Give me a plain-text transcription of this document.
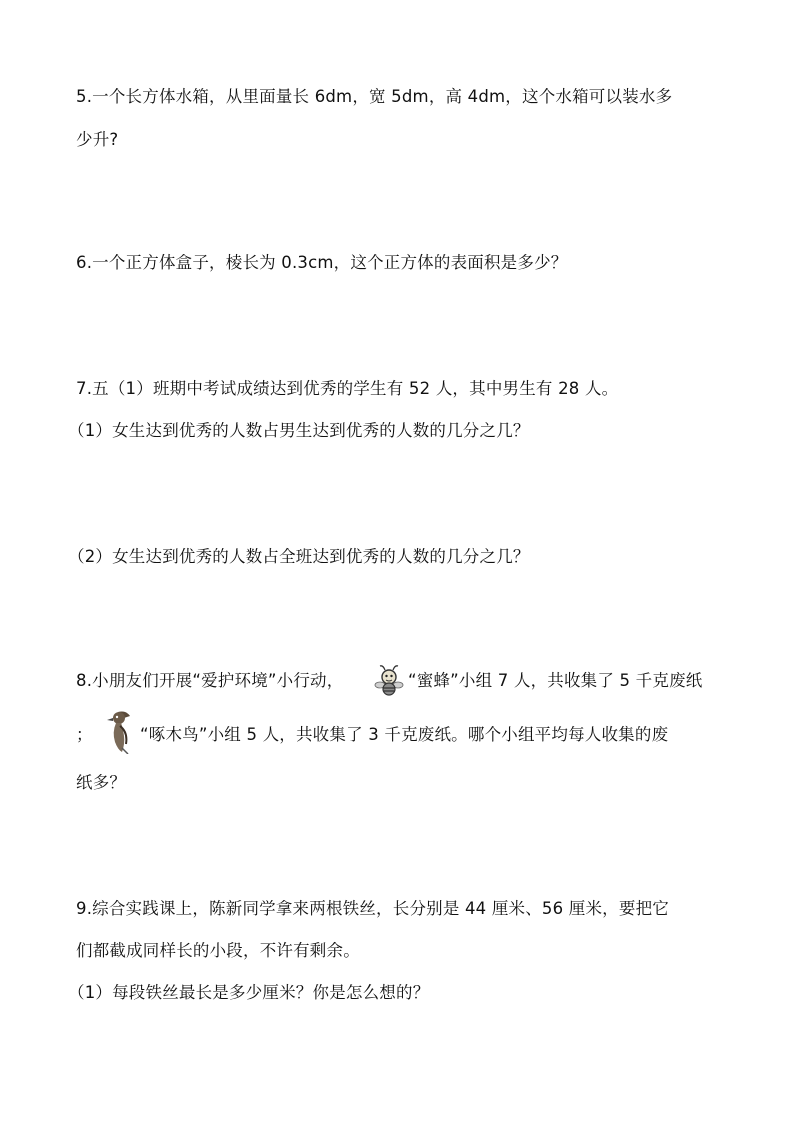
5.一个长方体水箱，从里面量长 6dm，宽 5dm，高 4dm，这个水箱可以装水多
少升?
6.一个正方体盒子，棱长为 0.3cm，这个正方体的表面积是多少？
7.五（1）班期中考试成绩达到优秀的学生有 52 人，其中男生有 28 人。
（1）女生达到优秀的人数占男生达到优秀的人数的几分之几？
（2）女生达到优秀的人数占全班达到优秀的人数的几分之几？
8.小朋友们开展“爱护环境”小行动，	“蜜蜂”小组 7 人，共收集了 5 千克废纸
；	“啄木鸟”小组 5 人，共收集了 3 千克废纸。哪个小组平均每人收集的废
纸多？
9.综合实践课上，陈新同学拿来两根铁丝，长分别是 44 厘米、56 厘米，要把它
们都截成同样长的小段，不许有剩余。
（1）每段铁丝最长是多少厘米？你是怎么想的？
